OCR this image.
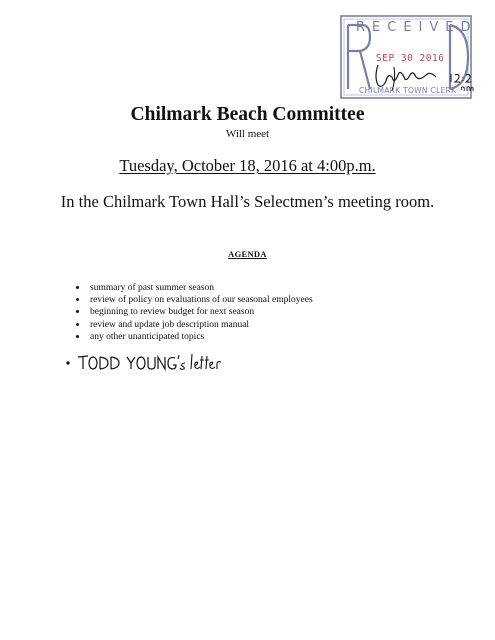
RECEIVED
SEP 30 2016
CHILMARK TOWN CLERK
Chilmark Beach Committee
Will meet
Tuesday, October 18, 2016 at 4:00p.m.
In the Chilmark Town Hall’s Selectmen’s meeting room.
AGENDA
summary of past summer season
review of policy on evaluations of our seasonal employees
beginning to review budget for next season
review and update job description manual
any other unanticipated topics
